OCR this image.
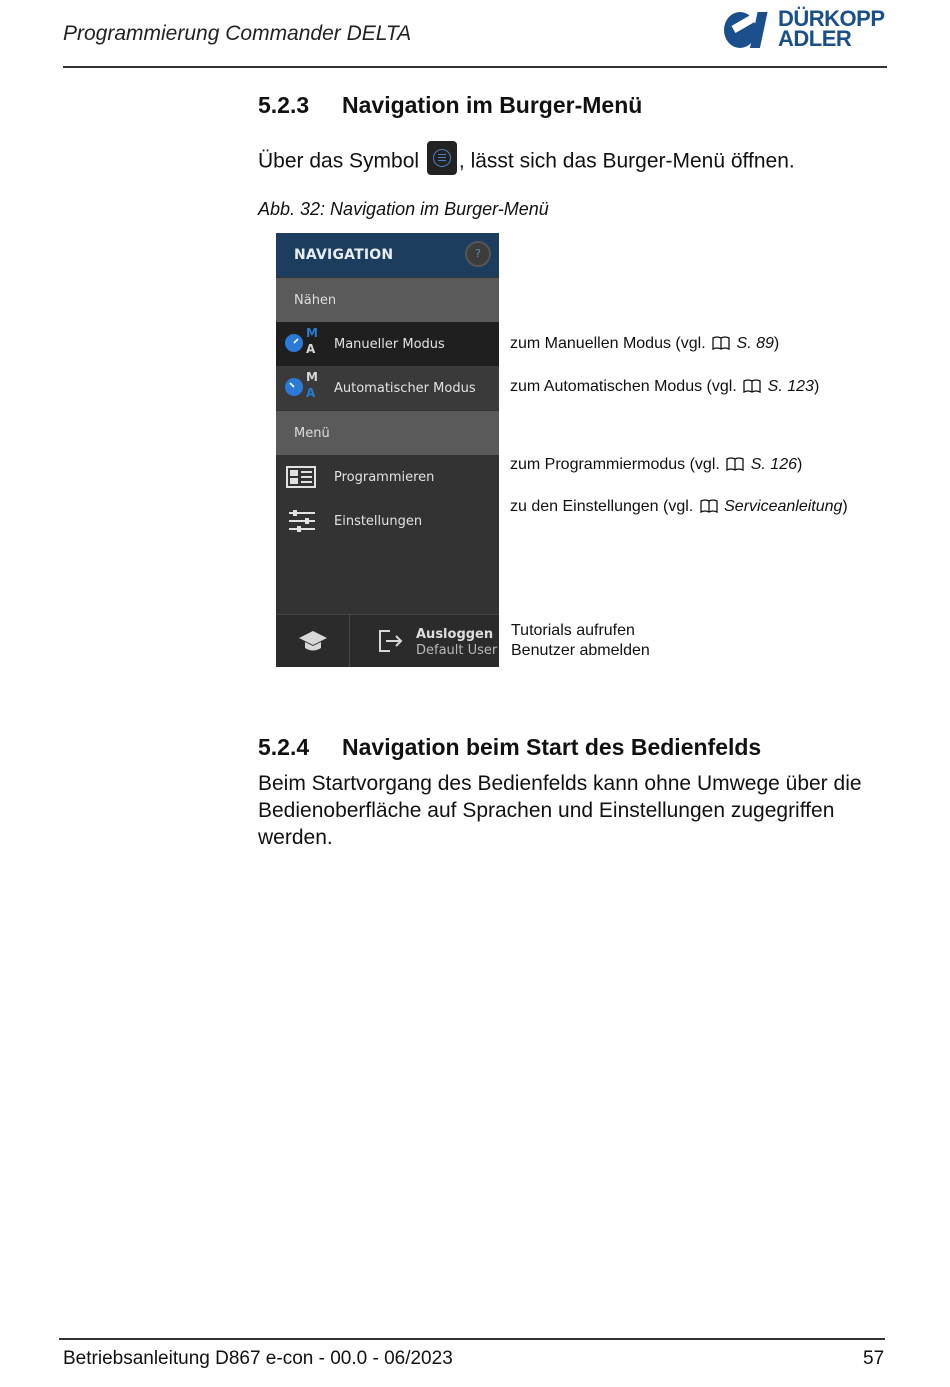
Programmierung Commander DELTA
DÜRKOPP
ADLER
5.2.3 Navigation im Burger-Menü
Über das Symbol , lässt sich das Burger-Menü öffnen.
Abb. 32: Navigation im Burger-Menü
NAVIGATION	?
Nähen
M
A Manueller Modus
M
A Automatischer Modus
Menü
Programmieren
Einstellungen
Ausloggen
Default User
zum Manuellen Modus (vgl.  S. 89)
zum Automatischen Modus (vgl.  S. 123)
zum Programmiermodus (vgl.  S. 126)
zu den Einstellungen (vgl.  Serviceanleitung)
Tutorials aufrufen
Benutzer abmelden
5.2.4 Navigation beim Start des Bedienfelds
Beim Startvorgang des Bedienfelds kann ohne Umwege über die Bedienoberfläche auf Sprachen und Einstellungen zugegriffen werden.
Betriebsanleitung D867 e-con - 00.0 - 06/2023	57
